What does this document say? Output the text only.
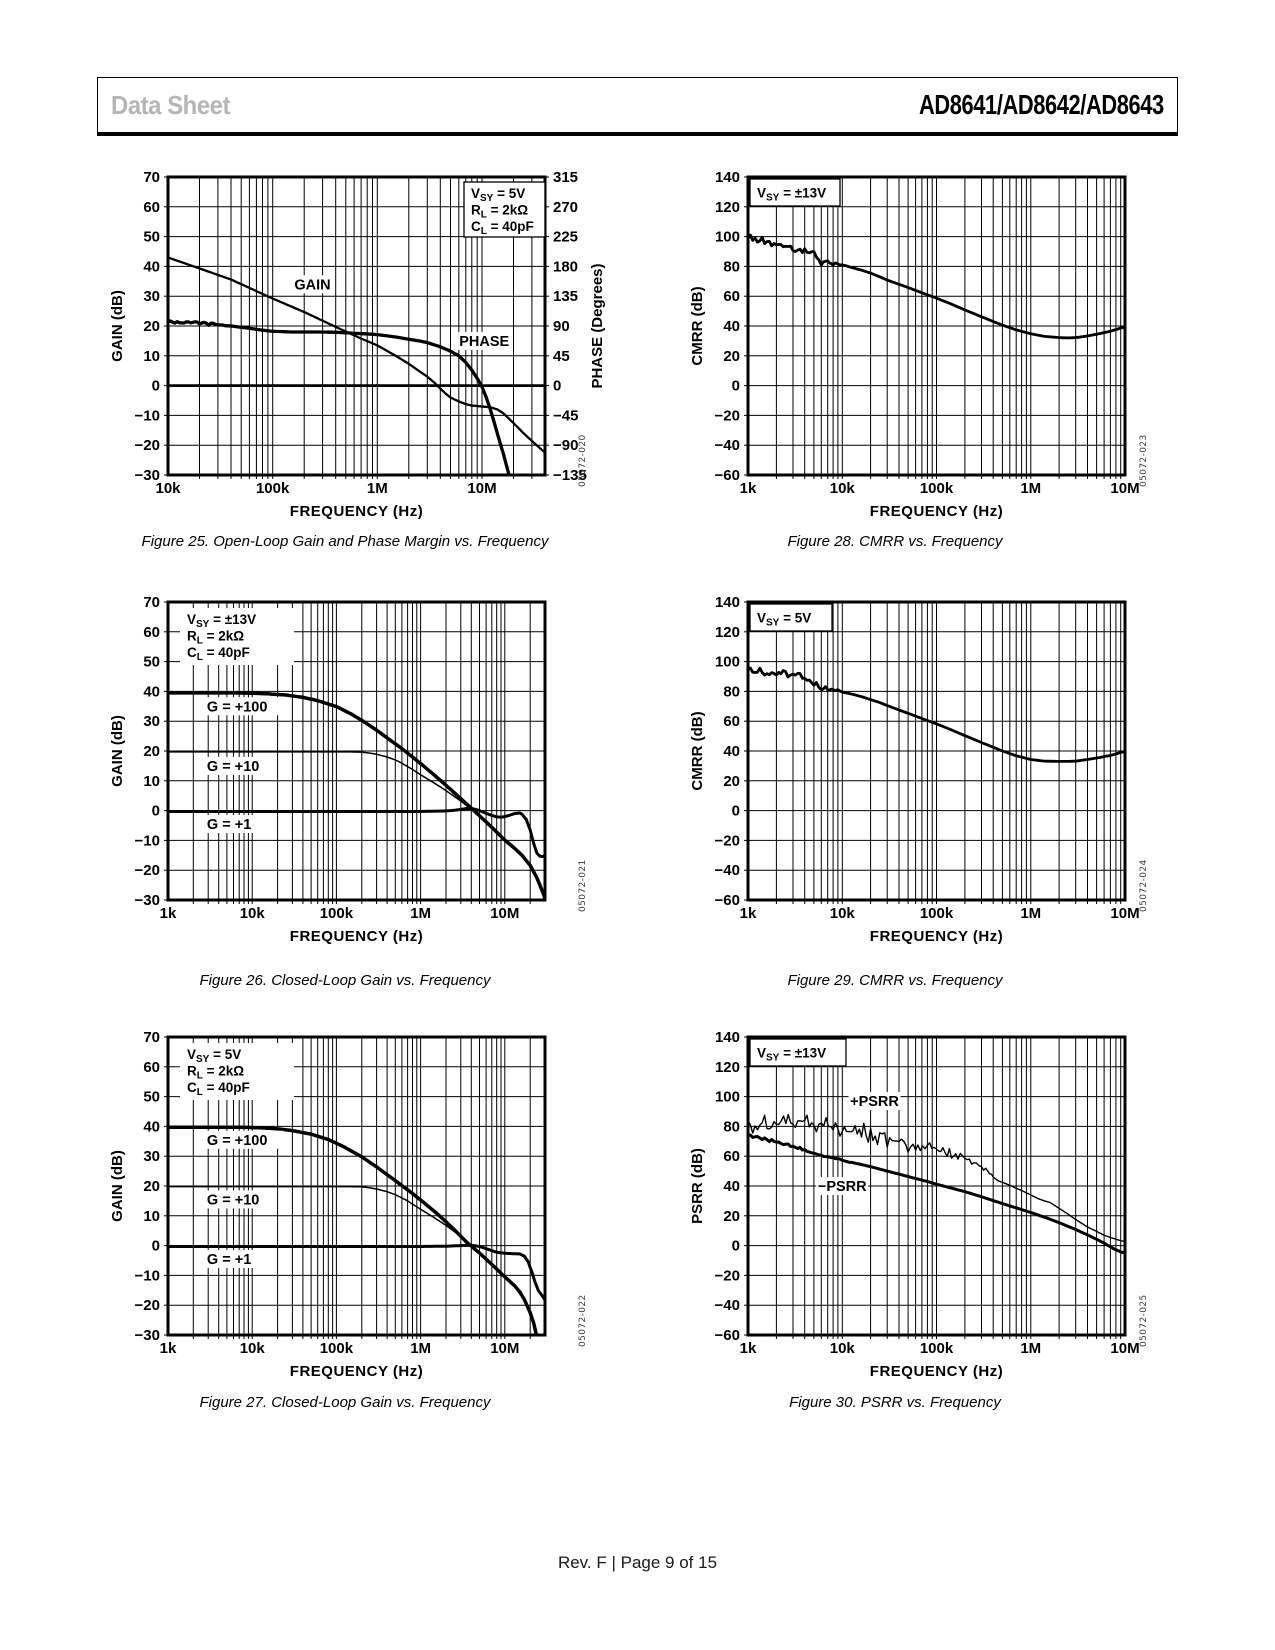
Data Sheet	AD8641/AD8642/AD8643
−30
−20
−10
0
10
20
30
40
50
60
70
−135
−90
−45
0
45
90
135
180
225
270
315
10k	100k	1M	10M
FREQUENCY (Hz)
GAIN (dB)	PHASE (Degrees)
$V_{SY} = 5V$
$R_L = 2k\Omega$
$C_L = 40pF$
GAIN
PHASE
−60
−40
−20
0
20
40
60
80
100
120
140
1k	10k	100k	1M	10M
FREQUENCY (Hz)
CMRR (dB)
$V_{SY} = \pm 13V$
−30
−20
−10
0
10
20
30
40
50
60
70
1k	10k	100k	1M	10M
FREQUENCY (Hz)
GAIN (dB)
$V_{SY} = \pm 13V$
$R_L = 2k\Omega$
$C_L = 40pF$
G = +100
G = +10
G = +1
−60
−40
−20
0
20
40
60
80
100
120
140
1k	10k	100k	1M	10M
FREQUENCY (Hz)
CMRR (dB)
$V_{SY} = 5V$
−30
−20
−10
0
10
20
30
40
50
60
70
1k	10k	100k	1M	10M
FREQUENCY (Hz)
GAIN (dB)
$V_{SY} = 5V$
$R_L = 2k\Omega$
$C_L = 40pF$
G = +100
G = +10
G = +1
−60
−40
−20
0
20
40
60
80
100
120
140
1k	10k	100k	1M	10M
FREQUENCY (Hz)
PSRR (dB)
$V_{SY} = \pm 13V$
+PSRR
−PSRR
Figure 25. Open-Loop Gain and Phase Margin vs. Frequency	Figure 28. CMRR vs. Frequency
Figure 26. Closed-Loop Gain vs. Frequency	Figure 29. CMRR vs. Frequency
Figure 27. Closed-Loop Gain vs. Frequency	Figure 30. PSRR vs. Frequency
05072-020	05072-023
05072-021	05072-024
05072-022	05072-025
Rev. F | Page 9 of 15
